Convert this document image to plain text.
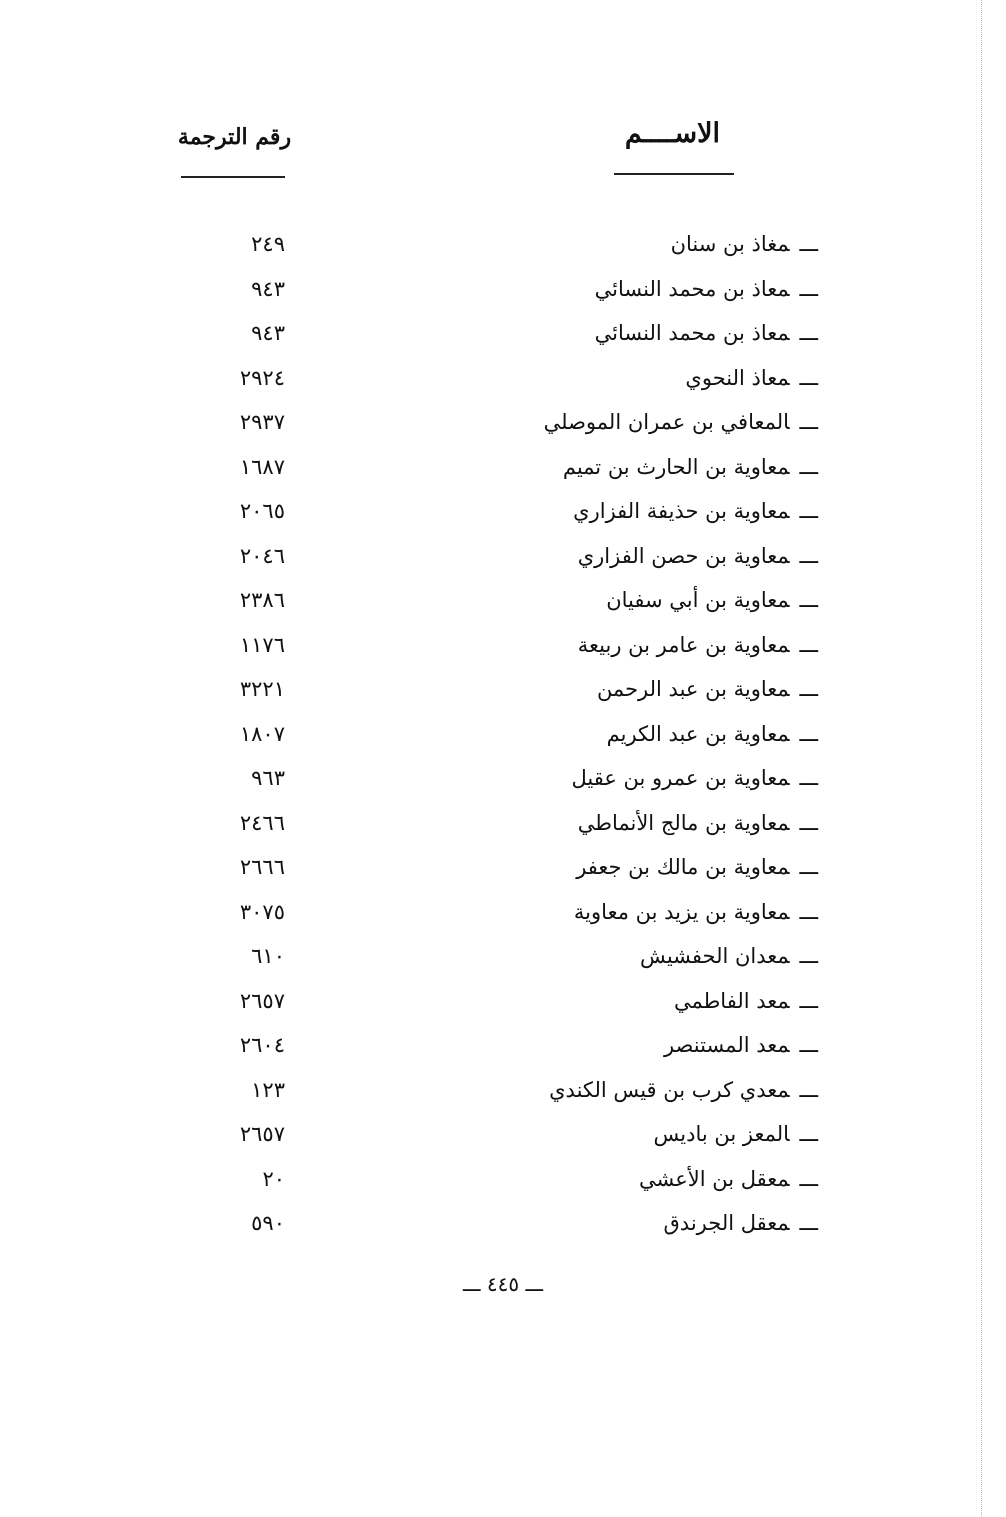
الاســــم
رقم الترجمة
ـــمغاذ بن سنان
٢٤٩
ـــمعاذ بن محمد النسائي
٩٤٣
ـــمعاذ بن محمد النسائي
٩٤٣
ـــمعاذ النحوي
٢٩٢٤
ـــالمعافي بن عمران الموصلي
٢٩٣٧
ـــمعاوية بن الحارث بن تميم
١٦٨٧
ـــمعاوية بن حذيفة الفزاري
٢٠٦٥
ـــمعاوية بن حصن الفزاري
٢٠٤٦
ـــمعاوية بن أبي سفيان
٢٣٨٦
ـــمعاوية بن عامر بن ربيعة
١١٧٦
ـــمعاوية بن عبد الرحمن
٣٢٢١
ـــمعاوية بن عبد الكريم
١٨٠٧
ـــمعاوية بن عمرو بن عقيل
٩٦٣
ـــمعاوية بن مالج الأنماطي
٢٤٦٦
ـــمعاوية بن مالك بن جعفر
٢٦٦٦
ـــمعاوية بن يزيد بن معاوية
٣٠٧٥
ـــمعدان الحفشيش
٦١٠
ـــمعد الفاطمي
٢٦٥٧
ـــمعد المستنصر
٢٦٠٤
ـــمعدي كرب بن قيس الكندي
١٢٣
ـــالمعز بن باديس
٢٦٥٧
ـــمعقل بن الأعشي
٢٠
ـــمعقل الجرندق
٥٩٠
ـــ ٤٤٥ ـــ
